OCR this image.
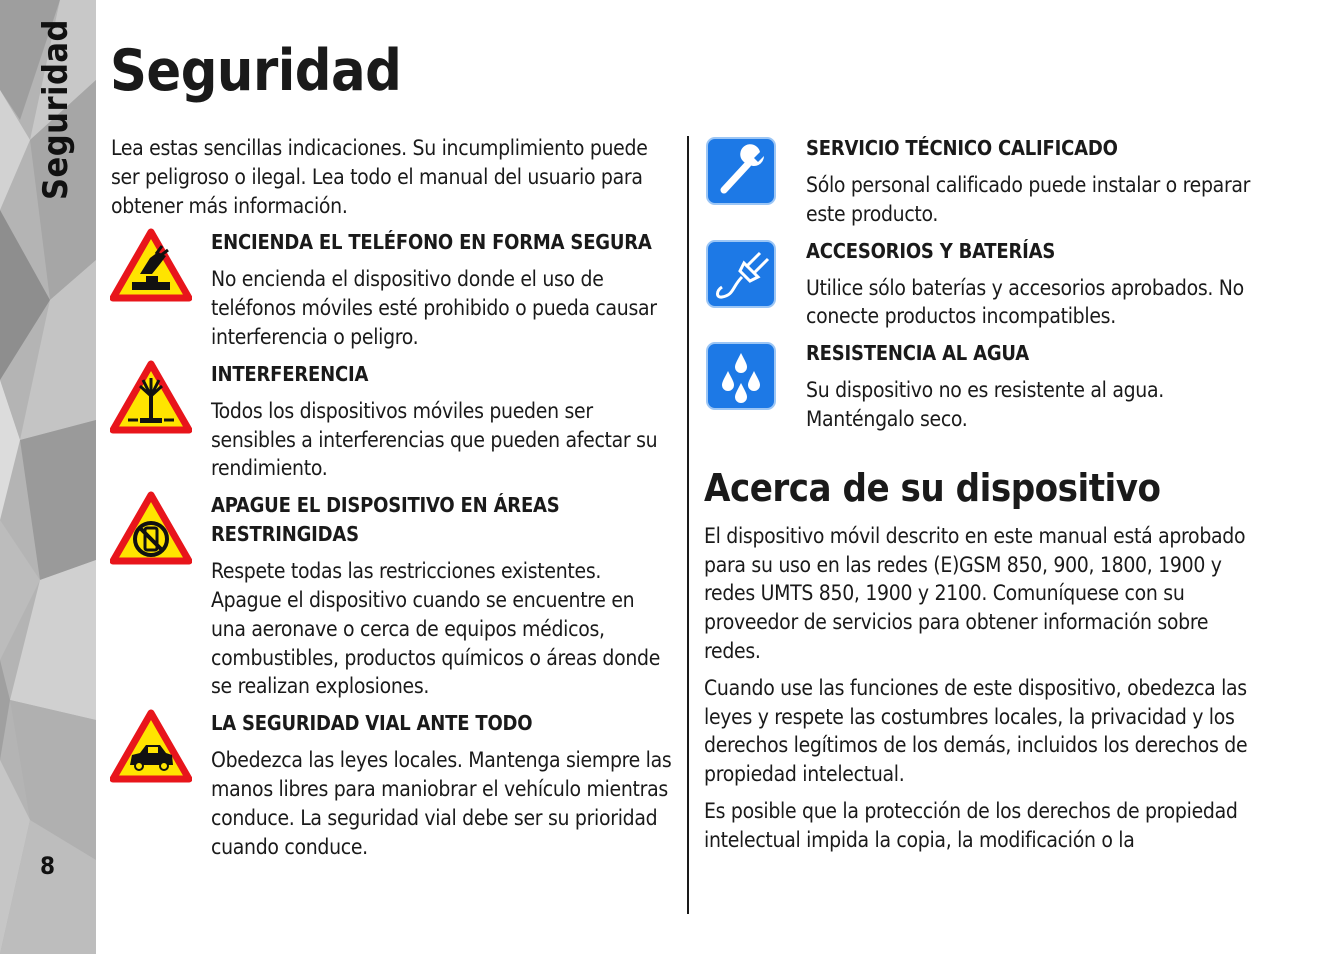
Seguridad
8
Seguridad

Lea estas sencillas indicaciones. Su incumplimiento puede ser peligroso o ilegal. Lea todo el manual del usuario para obtener más información.

ENCIENDA EL TELÉFONO EN FORMA SEGURA

No encienda el dispositivo donde el uso de teléfonos móviles esté prohibido o pueda causar interferencia o peligro.

INTERFERENCIA

Todos los dispositivos móviles pueden ser sensibles a interferencias que pueden afectar su rendimiento.

APAGUE EL DISPOSITIVO EN ÁREAS RESTRINGIDAS

Respete todas las restricciones existentes. Apague el dispositivo cuando se encuentre en una aeronave o cerca de equipos médicos, combustibles, productos químicos o áreas donde se realizan explosiones.

LA SEGURIDAD VIAL ANTE TODO

Obedezca las leyes locales. Mantenga siempre las manos libres para maniobrar el vehículo mientras conduce. La seguridad vial debe ser su prioridad cuando conduce.

SERVICIO TÉCNICO CALIFICADO

Sólo personal calificado puede instalar o reparar este producto.

ACCESORIOS Y BATERÍAS

Utilice sólo baterías y accesorios aprobados. No conecte productos incompatibles.

RESISTENCIA AL AGUA

Su dispositivo no es resistente al agua. Manténgalo seco.

Acerca de su dispositivo

El dispositivo móvil descrito en este manual está aprobado para su uso en las redes (E)GSM 850, 900, 1800, 1900 y redes UMTS 850, 1900 y 2100. Comuníquese con su proveedor de servicios para obtener información sobre redes.

Cuando use las funciones de este dispositivo, obedezca las leyes y respete las costumbres locales, la privacidad y los derechos legítimos de los demás, incluidos los derechos de propiedad intelectual.

Es posible que la protección de los derechos de propiedad intelectual impida la copia, la modificación o la
